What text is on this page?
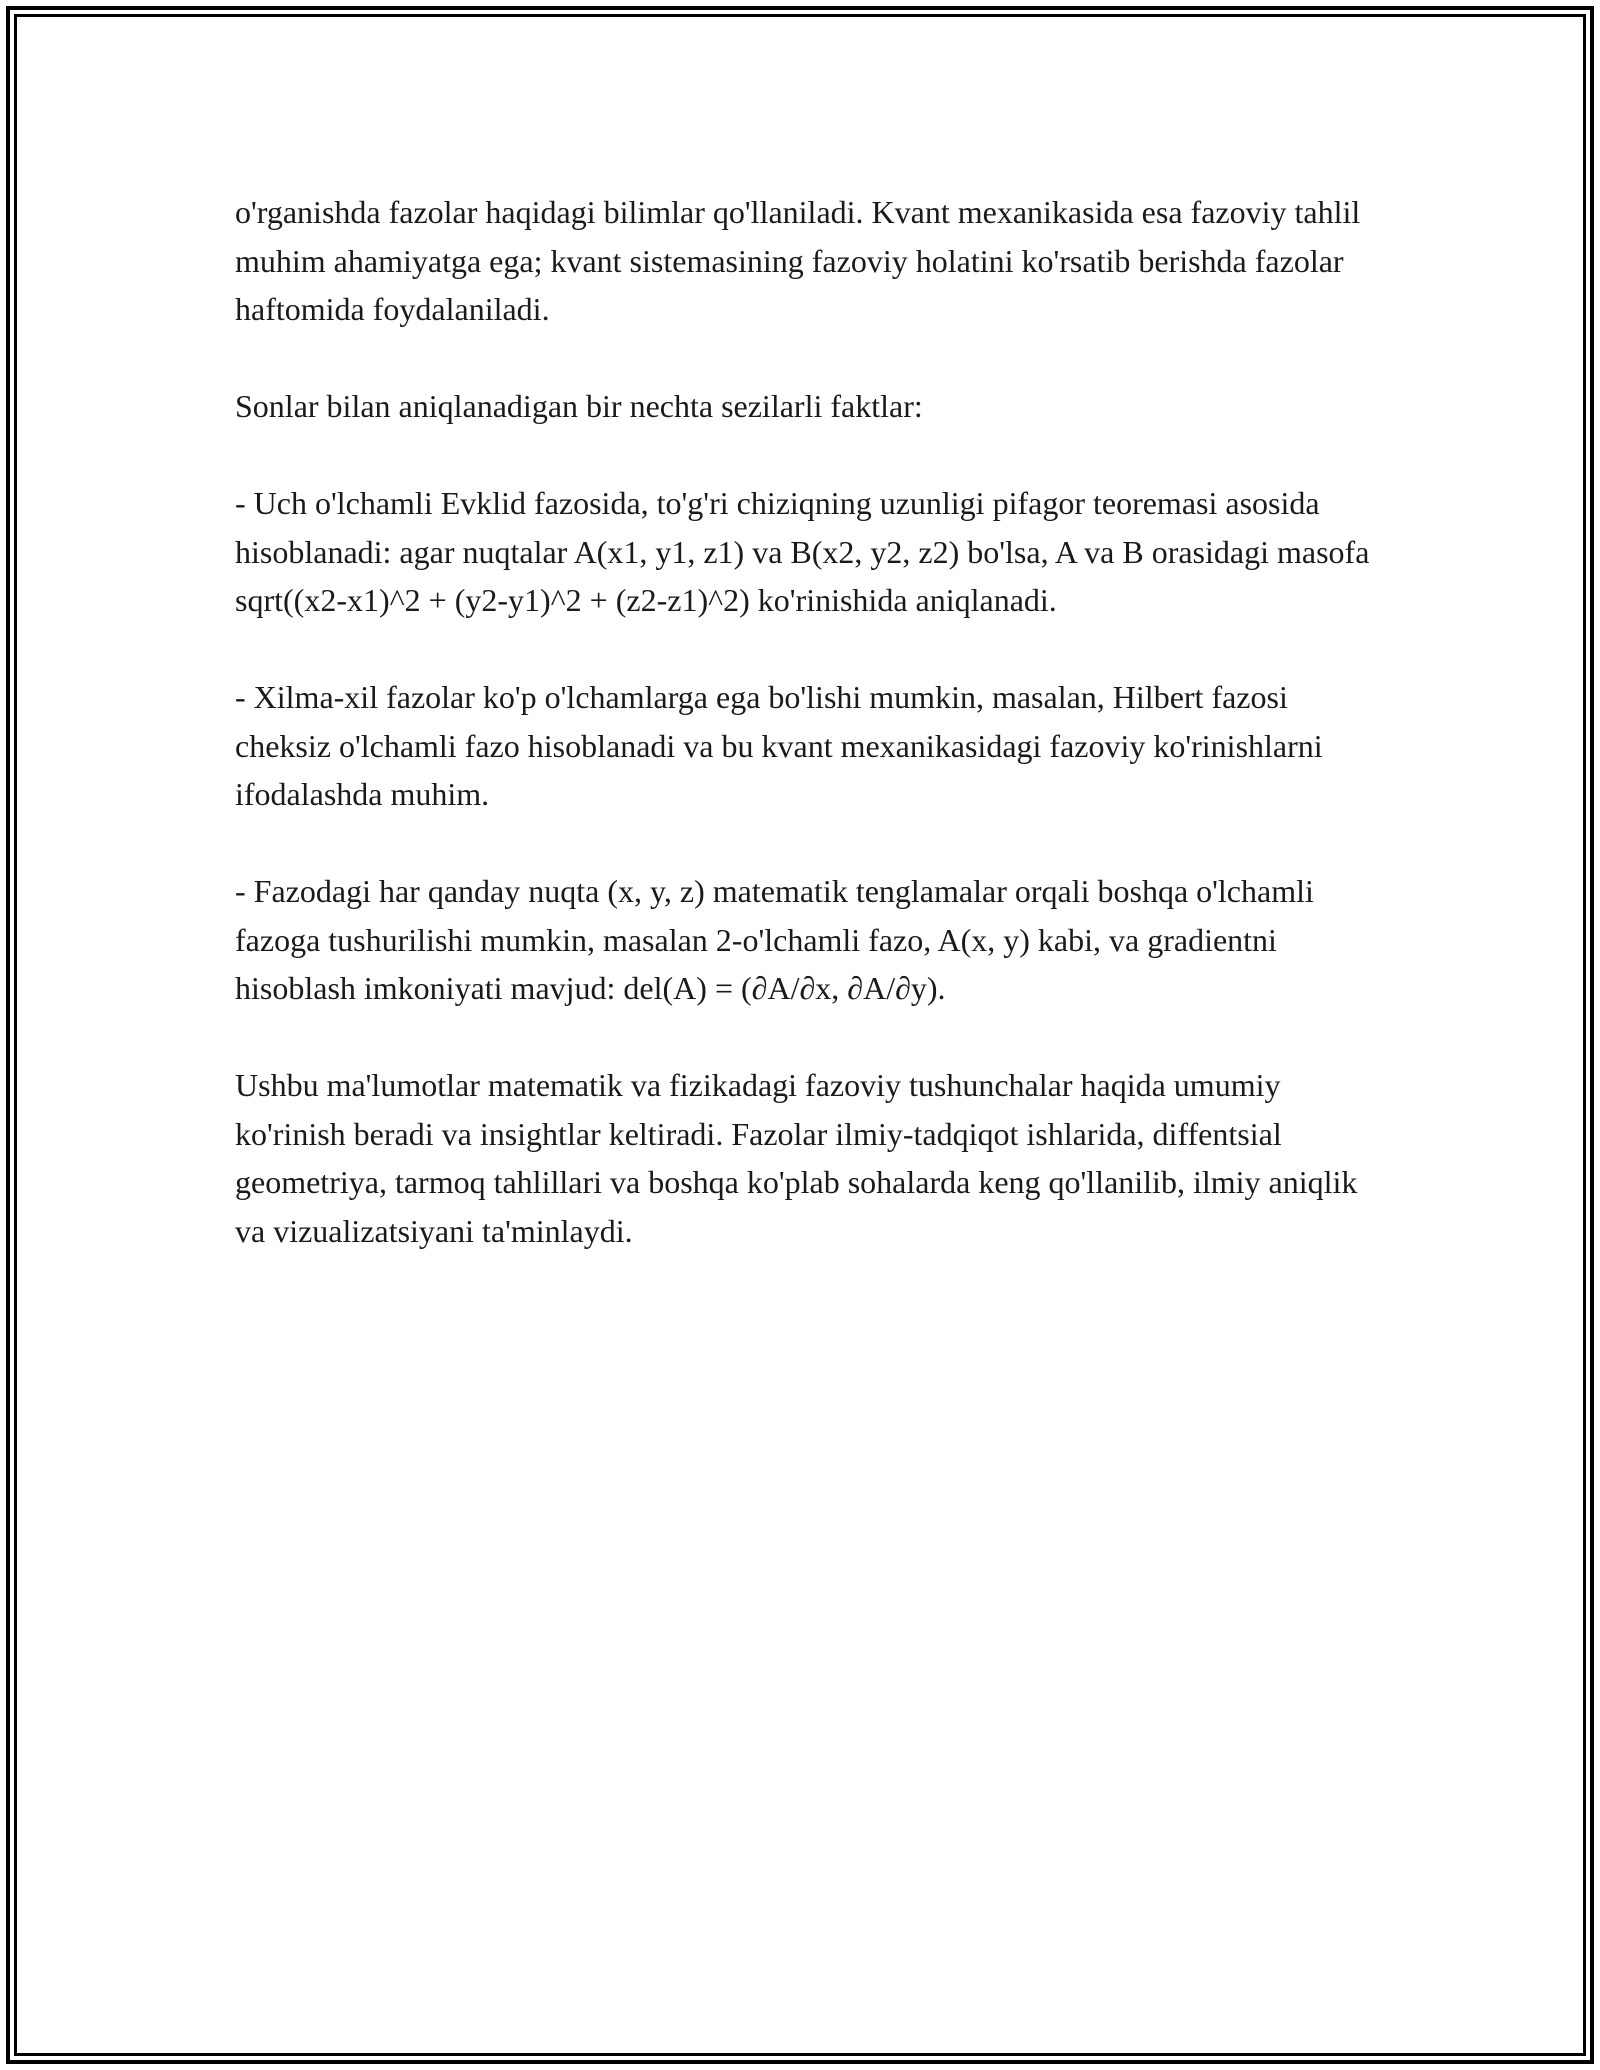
o'rganishda fazolar haqidagi bilimlar qo'llaniladi. Kvant mexanikasida esa fazoviy tahlil muhim ahamiyatga ega; kvant sistemasining fazoviy holatini ko'rsatib berishda fazolar haftomida foydalaniladi.

Sonlar bilan aniqlanadigan bir nechta sezilarli faktlar:

- Uch o'lchamli Evklid fazosida, to'g'ri chiziqning uzunligi pifagor teoremasi asosida hisoblanadi: agar nuqtalar A(x1, y1, z1) va B(x2, y2, z2) bo'lsa, A va B orasidagi masofa sqrt((x2-x1)^2 + (y2-y1)^2 + (z2-z1)^2) ko'rinishida aniqlanadi.

- Xilma-xil fazolar ko'p o'lchamlarga ega bo'lishi mumkin, masalan, Hilbert fazosi cheksiz o'lchamli fazo hisoblanadi va bu kvant mexanikasidagi fazoviy ko'rinishlarni ifodalashda muhim.

- Fazodagi har qanday nuqta (x, y, z) matematik tenglamalar orqali boshqa o'lchamli fazoga tushurilishi mumkin, masalan 2-o'lchamli fazo, A(x, y) kabi, va gradientni hisoblash imkoniyati mavjud: del(A) = (∂A/∂x, ∂A/∂y).

Ushbu ma'lumotlar matematik va fizikadagi fazoviy tushunchalar haqida umumiy ko'rinish beradi va insightlar keltiradi. Fazolar ilmiy-tadqiqot ishlarida, diffentsial geometriya, tarmoq tahlillari va boshqa ko'plab sohalarda keng qo'llanilib, ilmiy aniqlik va vizualizatsiyani ta'minlaydi.
